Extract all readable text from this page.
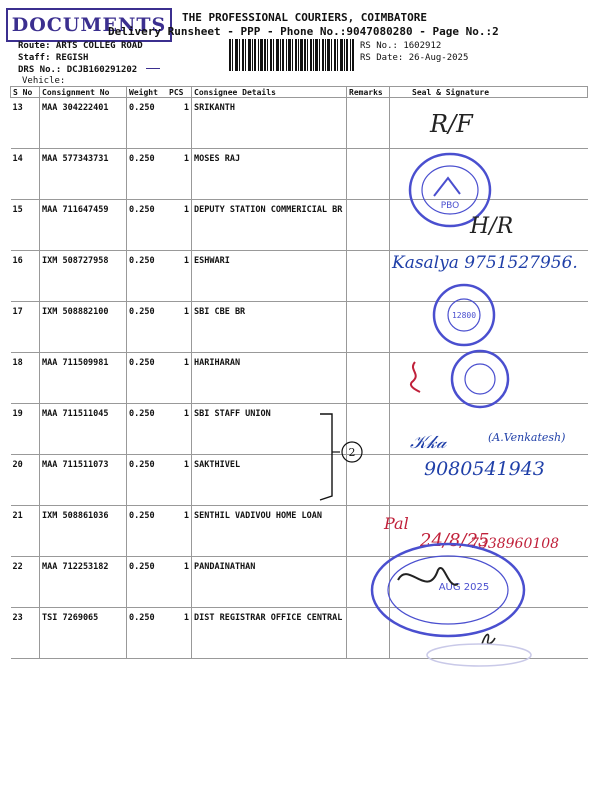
DOCUMENTS	THE PROFESSIONAL COURIERS, COIMBATORE
Delivery Runsheet - PPP - Phone No.:9047080280 - Page No.:2
Route: ARTS COLLEG ROAD
Staff: REGISH
DRS No.: DCJB160291202
Vehicle:
RS No.: 1602912
RS Date: 26-Aug-2025
S No	Consignment No	Weight	PCS	Consignee Details	Remarks	Seal & Signature
13	MAA 304222401	0.250	1	SRIKANTH		
14	MAA 577343731	0.250	1	MOSES RAJ		
15	MAA 711647459	0.250	1	DEPUTY STATION COMMERICIAL BR		
16	IXM 508727958	0.250	1	ESHWARI		
17	IXM 508882100	0.250	1	SBI CBE BR		
18	MAA 711509981	0.250	1	HARIHARAN		
19	MAA 711511045	0.250	1	SBI STAFF UNION		
20	MAA 711511073	0.250	1	SAKTHIVEL		
21	IXM 508861036	0.250	1	SENTHIL VADIVOU HOME LOAN		
22	MAA 712253182	0.250	1	PANDAINATHAN		
23	TSI 7269065	0.250	1	DIST REGISTRAR OFFICE CENTRAL		
R/F
PBO
H/R
Kasalya 9751527956.
12800
2	𝒦𝓀𝒶	(A.Venkatesh)
9080541943
Pal
24/8/25
7338960108
AUG 2025
